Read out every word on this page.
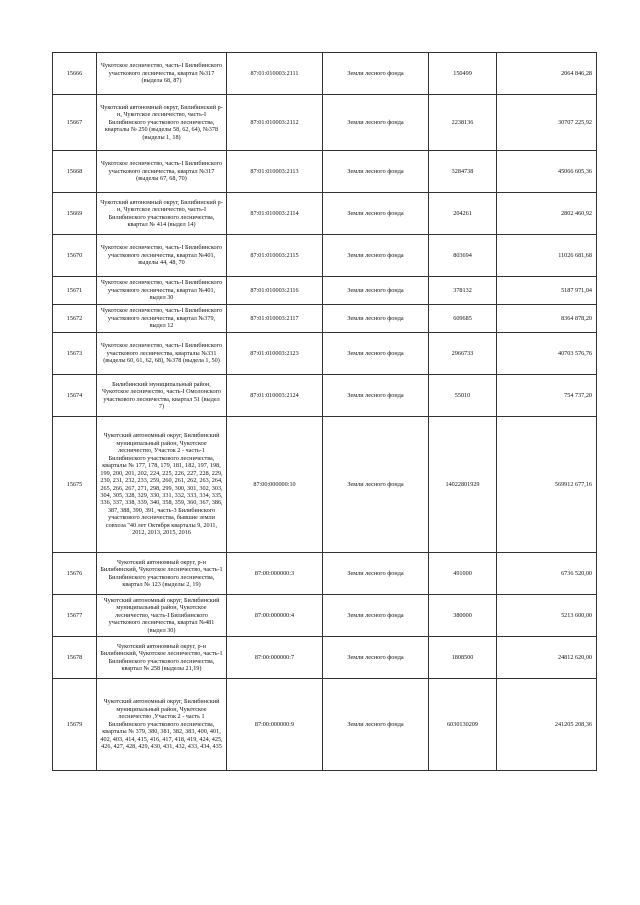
15666	Чукотское лесничество, часть-I Билибинского участкового лесничества, квартал №317 (выдела 68, 87)	87:01:010003:2111	Земли лесного фонда	150499	2064 846,28
15667	Чукотский автономный округ, Билибинский р-н, Чукотское лесничество, часть-I Билибинского участкового лесничества, кварталы № 250 (выделы 58, 62, 64), №378 (выделы 1, 18)	87:01:010003:2112	Земли лесного фонда	2238136	30707 225,92
15668	Чукотское лесничество, часть-I Билибинского участкового лесничества, квартал №317 (выделы 67, 68, 70)	87:01:010003:2113	Земли лесного фонда	3284738	45066 605,36
15669	Чукотский автономный округ, Билибинский р-н, Чукотское лесничество, часть-I Билибинского участкового лесничества, квартал № 414 (выдел 14)	87:01:010003:2114	Земли лесного фонда	204261	2802 460,92
15670	Чукотское лесничество, часть-I Билибинского участкового лесничества, квартал №401, выделы 44, 48, 70	87:01:010003:2115	Земли лесного фонда	803694	11026 681,68
15671	Чукотское лесничество, часть-I Билибинского участкового лесничества, квартал №401, выдел 30	87:01:010003:2116	Земли лесного фонда	378132	5187 971,04
15672	Чукотское лесничество, часть-I Билибинского участкового лесничества, квартал №379, выдел 12	87:01:010003:2117	Земли лесного фонда	609685	8364 878,20
15673	Чукотское лесничество, часть-I Билибинского участкового лесничества, кварталы №331 (выделы 60, 61, 62, 68), №378 (выдела 1, 50)	87:01:010003:2123	Земли лесного фонда	2966733	40703 576,76
15674	Билибинский муниципальный район, Чукотское лесничество, часть-I Омолонского участкового лесничества, квартал 51 (выдел 7)	87:01:010003:2124	Земли лесного фонда	55010	754 737,20
15675	Чукотский автономный округ, Билибинский муниципальный район, Чукотское лесничество, Участок 2 - часть-1 Билибинского участкового лесничества, кварталы № 177, 178, 179, 181, 182, 197, 198, 199, 200, 201, 202, 224, 225, 226, 227, 228, 229, 230, 231, 232, 233, 259, 260, 261, 262, 263, 264, 265, 266, 267, 271, 298, 299, 300, 301, 302, 303, 304, 305, 328, 329, 330, 331, 332, 333, 334, 335, 336, 337, 338, 339, 340, 358, 359, 360, 367, 386, 387, 388, 390, 391, часть-3 Билибинского участкового лесничества, бывшие земли совхоза "40 лет Октября кварталы 9, 2011, 2012, 2013, 2015, 2016	87:00:000000:10	Земли лесного фонда	14022801929	569912 677,16
15676	Чукотский автономный округ, р-н Билибинский, Чукотское лесничество, часть-1 Билибинского участкового лесничества, квартал № 123 (выделы 2, 19)	87:00:000000:3	Земли лесного фонда	491000	6736 520,00
15677	Чукотский автономный округ, Билибинский муниципальный район, Чукотское лесничество, часть-I Билибинского участкового лесничества, квартал №481 (выдел 30)	87:00:000000:4	Земли лесного фонда	380000	5213 600,00
15678	Чукотский автономный округ, р-н Билибинский, Чукотское лесничество, часть-1 Билибинского участкового лесничества, квартал № 258 (выделы 21,19)	87:00:000000:7	Земли лесного фонда	1808500	24812 620,00
15679	Чукотский автономный округ, Билибинский муниципальный район, Чукотское лесничество ,Участок 2 - часть 1 Билибинского участкового лесничества, кварталы № 379, 380, 381, 382, 383, 400, 401, 402, 403, 414, 415, 416, 417, 418, 419, 424, 425, 426, 427, 428, 429, 430, 431, 432, 433, 434, 435	87:00:000000:9	Земли лесного фонда	6030130209	241205 208,36
